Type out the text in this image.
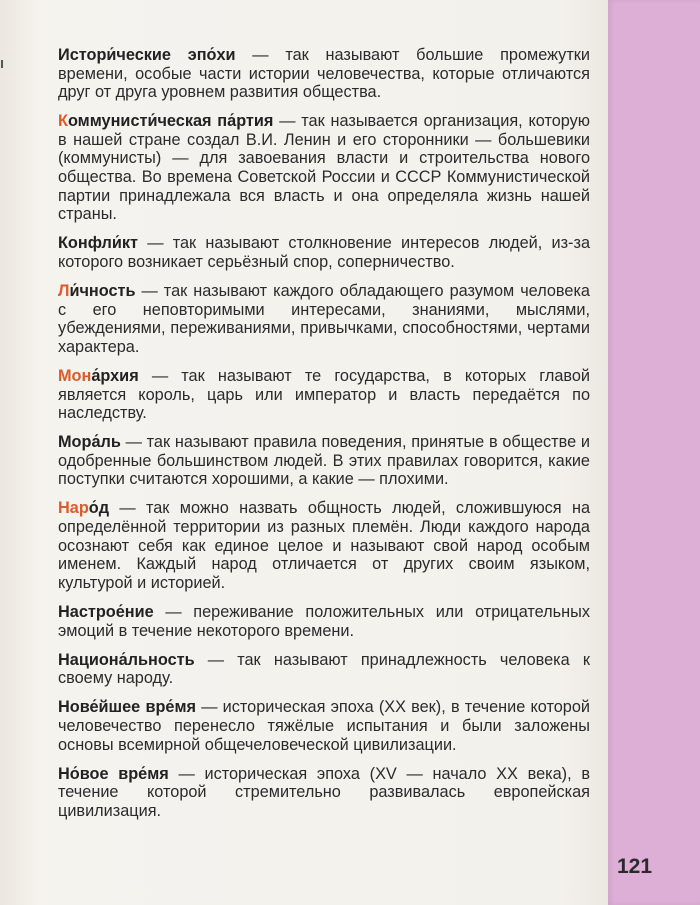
Истори́ческие эпо́хи — так называют большие промежутки времени, особые части истории человечества, которые отличаются друг от друга уровнем развития общества.

Коммунисти́ческая па́ртия — так называется организация, которую в нашей стране создал В.И. Ленин и его сторонники — большевики (коммунисты) — для завоевания власти и строительства нового общества. Во времена Советской России и СССР Коммунистической партии принадлежала вся власть и она определяла жизнь нашей страны.

Конфли́кт — так называют столкновение интересов людей, из-за которого возникает серьёзный спор, соперничество.

Ли́чность — так называют каждого обладающего разумом человека с его неповторимыми интересами, знаниями, мыслями, убеждениями, переживаниями, привычками, способностями, чертами характера.

Мона́рхия — так называют те государства, в которых главой является король, царь или император и власть передаётся по наследству.

Мора́ль — так называют правила поведения, принятые в обществе и одобренные большинством людей. В этих правилах говорится, какие поступки считаются хорошими, а какие — плохими.

Наро́д — так можно назвать общность людей, сложившуюся на определённой территории из разных племён. Люди каждого народа осознают себя как единое целое и называют свой народ особым именем. Каждый народ отличается от других своим языком, культурой и историей.

Настрое́ние — переживание положительных или отрицательных эмоций в течение некоторого времени.

Национа́льность — так называют принадлежность человека к своему народу.

Нове́йшее вре́мя — историческая эпоха (XX век), в течение которой человечество перенесло тяжёлые испытания и были заложены основы всемирной общечеловеческой цивилизации.

Но́вое вре́мя — историческая эпоха (XV — начало XX века), в течение которой стремительно развивалась европейская цивилизация.

121
